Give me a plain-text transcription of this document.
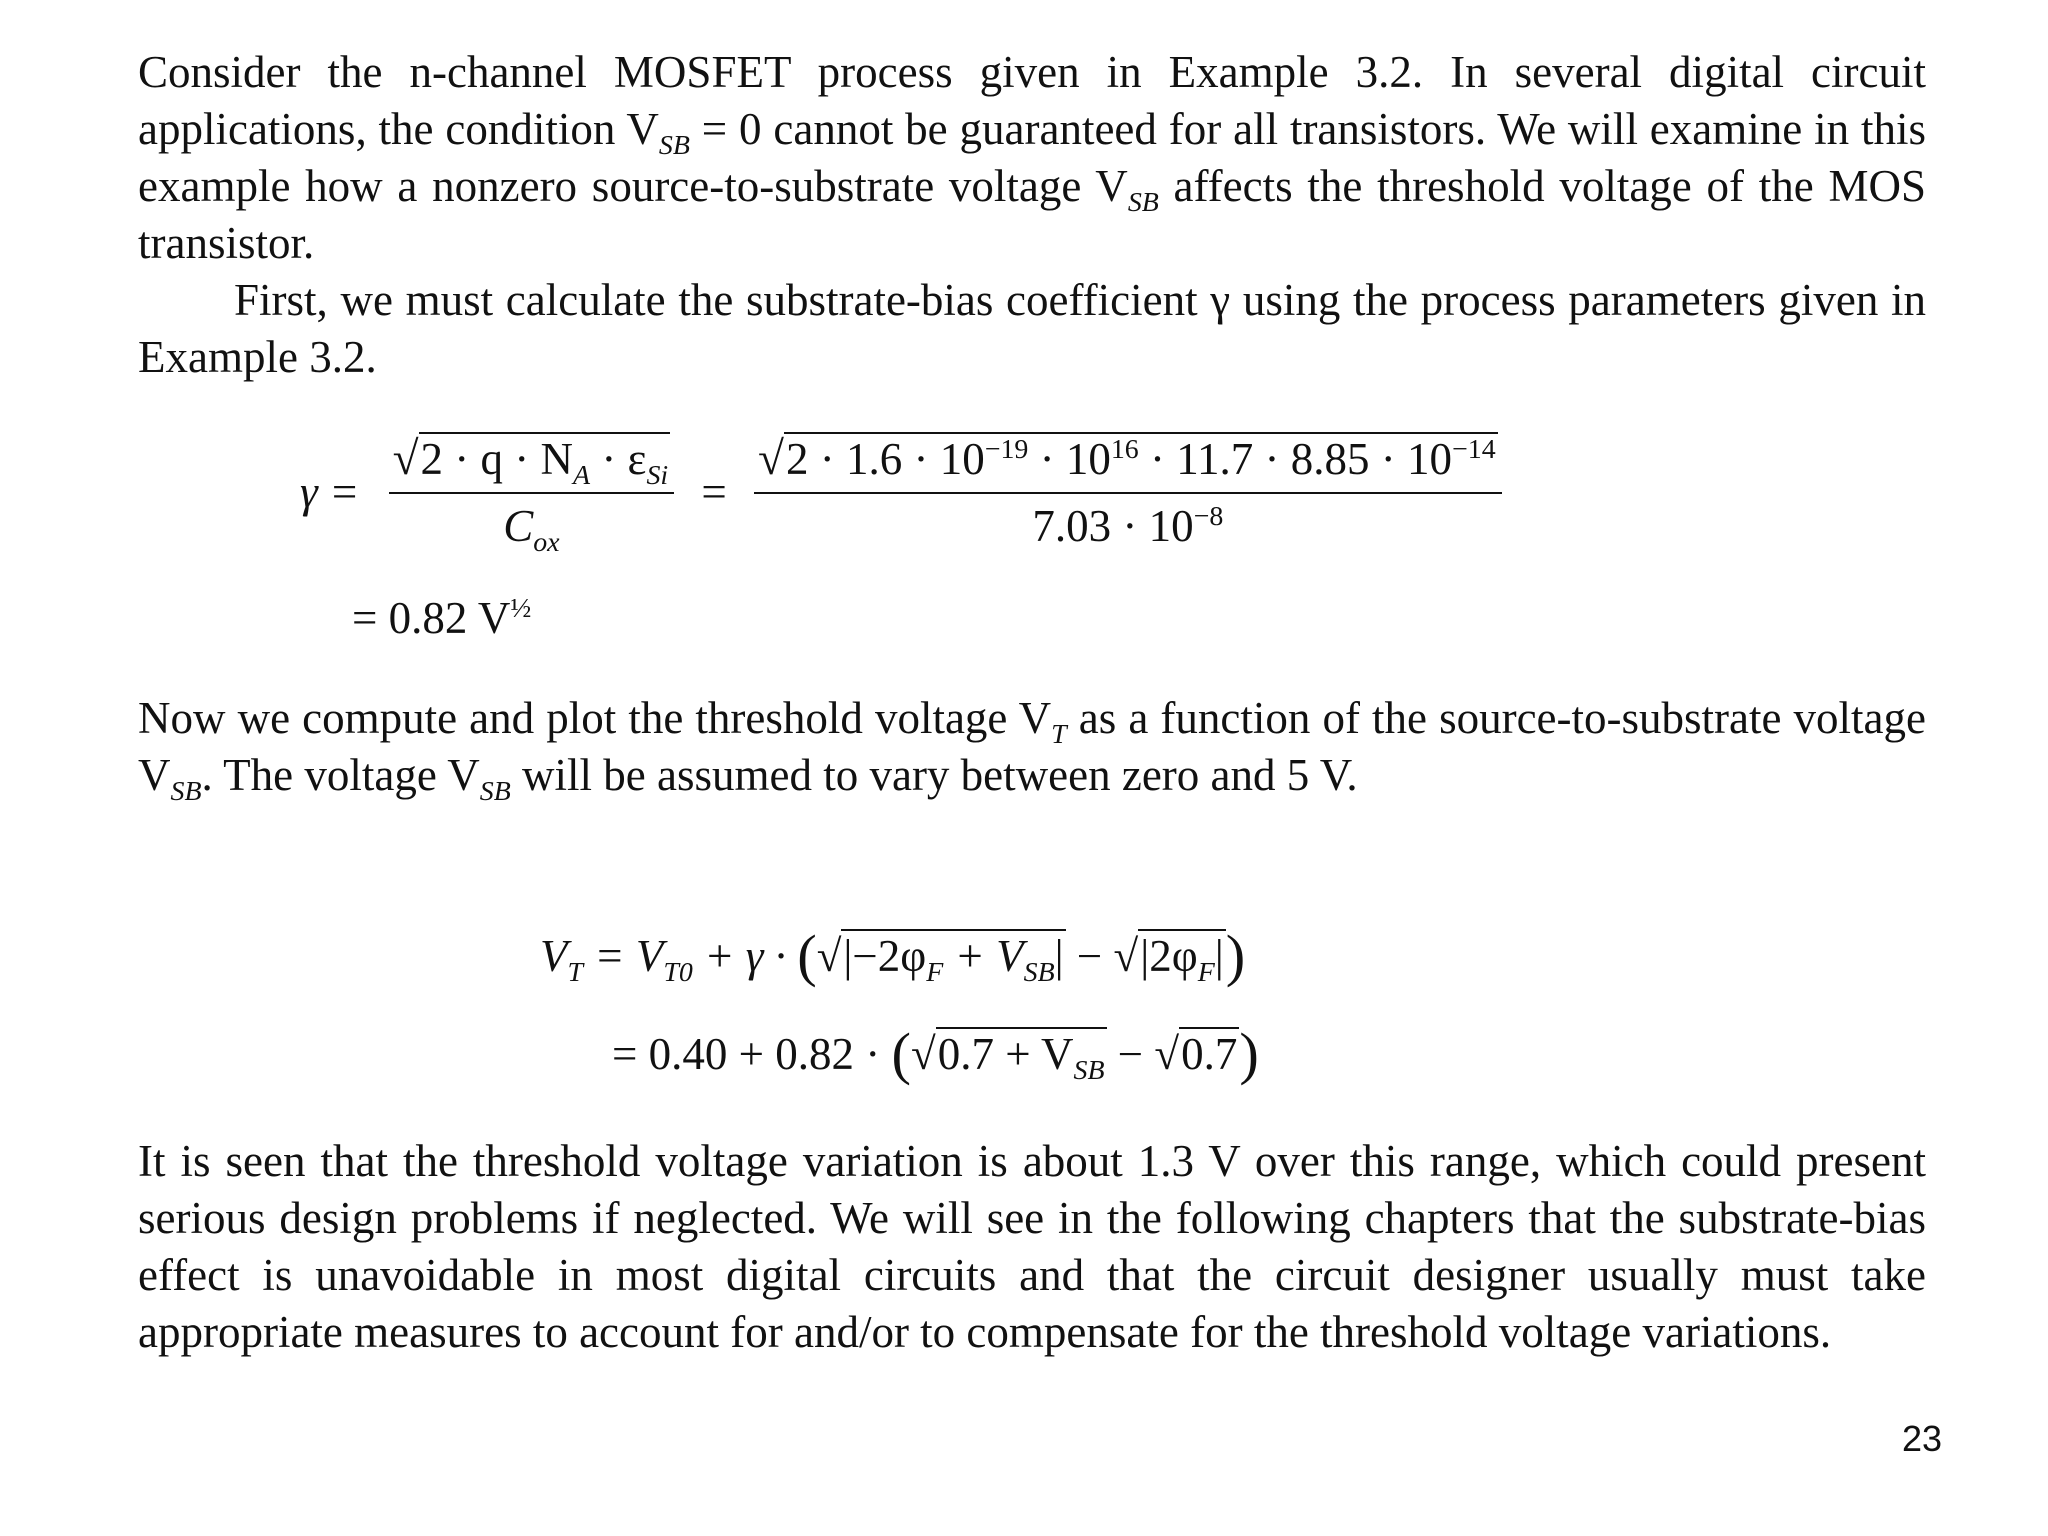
Consider the n-channel MOSFET process given in Example 3.2. In several digital circuit applications, the condition $V_{SB} = 0$ cannot be guaranteed for all transistors. We will examine in this example how a nonzero source-to-substrate voltage $V_{SB}$ affects the threshold voltage of the MOS transistor.

First, we must calculate the substrate-bias coefficient γ using the process parameters given in Example 3.2.

$\gamma = \frac{√2 \cdot q \cdot N_A \cdot \varepsilon_{Si}}{C_{ox}} = \frac{√2 \cdot 1.6 \cdot 10^{-19} \cdot 10^{16} \cdot 11.7 \cdot 8.85 \cdot 10^{-14}}{7.03 \cdot 10^{-8}}$
= 0.82 $V^{\frac{1}{2}}$

Now we compute and plot the threshold voltage $V_T$ as a function of the source-to-substrate voltage $V_{SB}$. The voltage $V_{SB}$ will be assumed to vary between zero and 5 V.

$V_T = V_{T0} + \gamma \cdot (√|-2\varphi_F + V_{SB}| - √|2\varphi_F|)$
= $0.40 + 0.82 \cdot (√0.7 + V_{SB} - √0.7)$

It is seen that the threshold voltage variation is about 1.3 V over this range, which could present serious design problems if neglected. We will see in the following chapters that the substrate-bias effect is unavoidable in most digital circuits and that the circuit designer usually must take appropriate measures to account for and/or to compensate for the threshold voltage variations.

23
